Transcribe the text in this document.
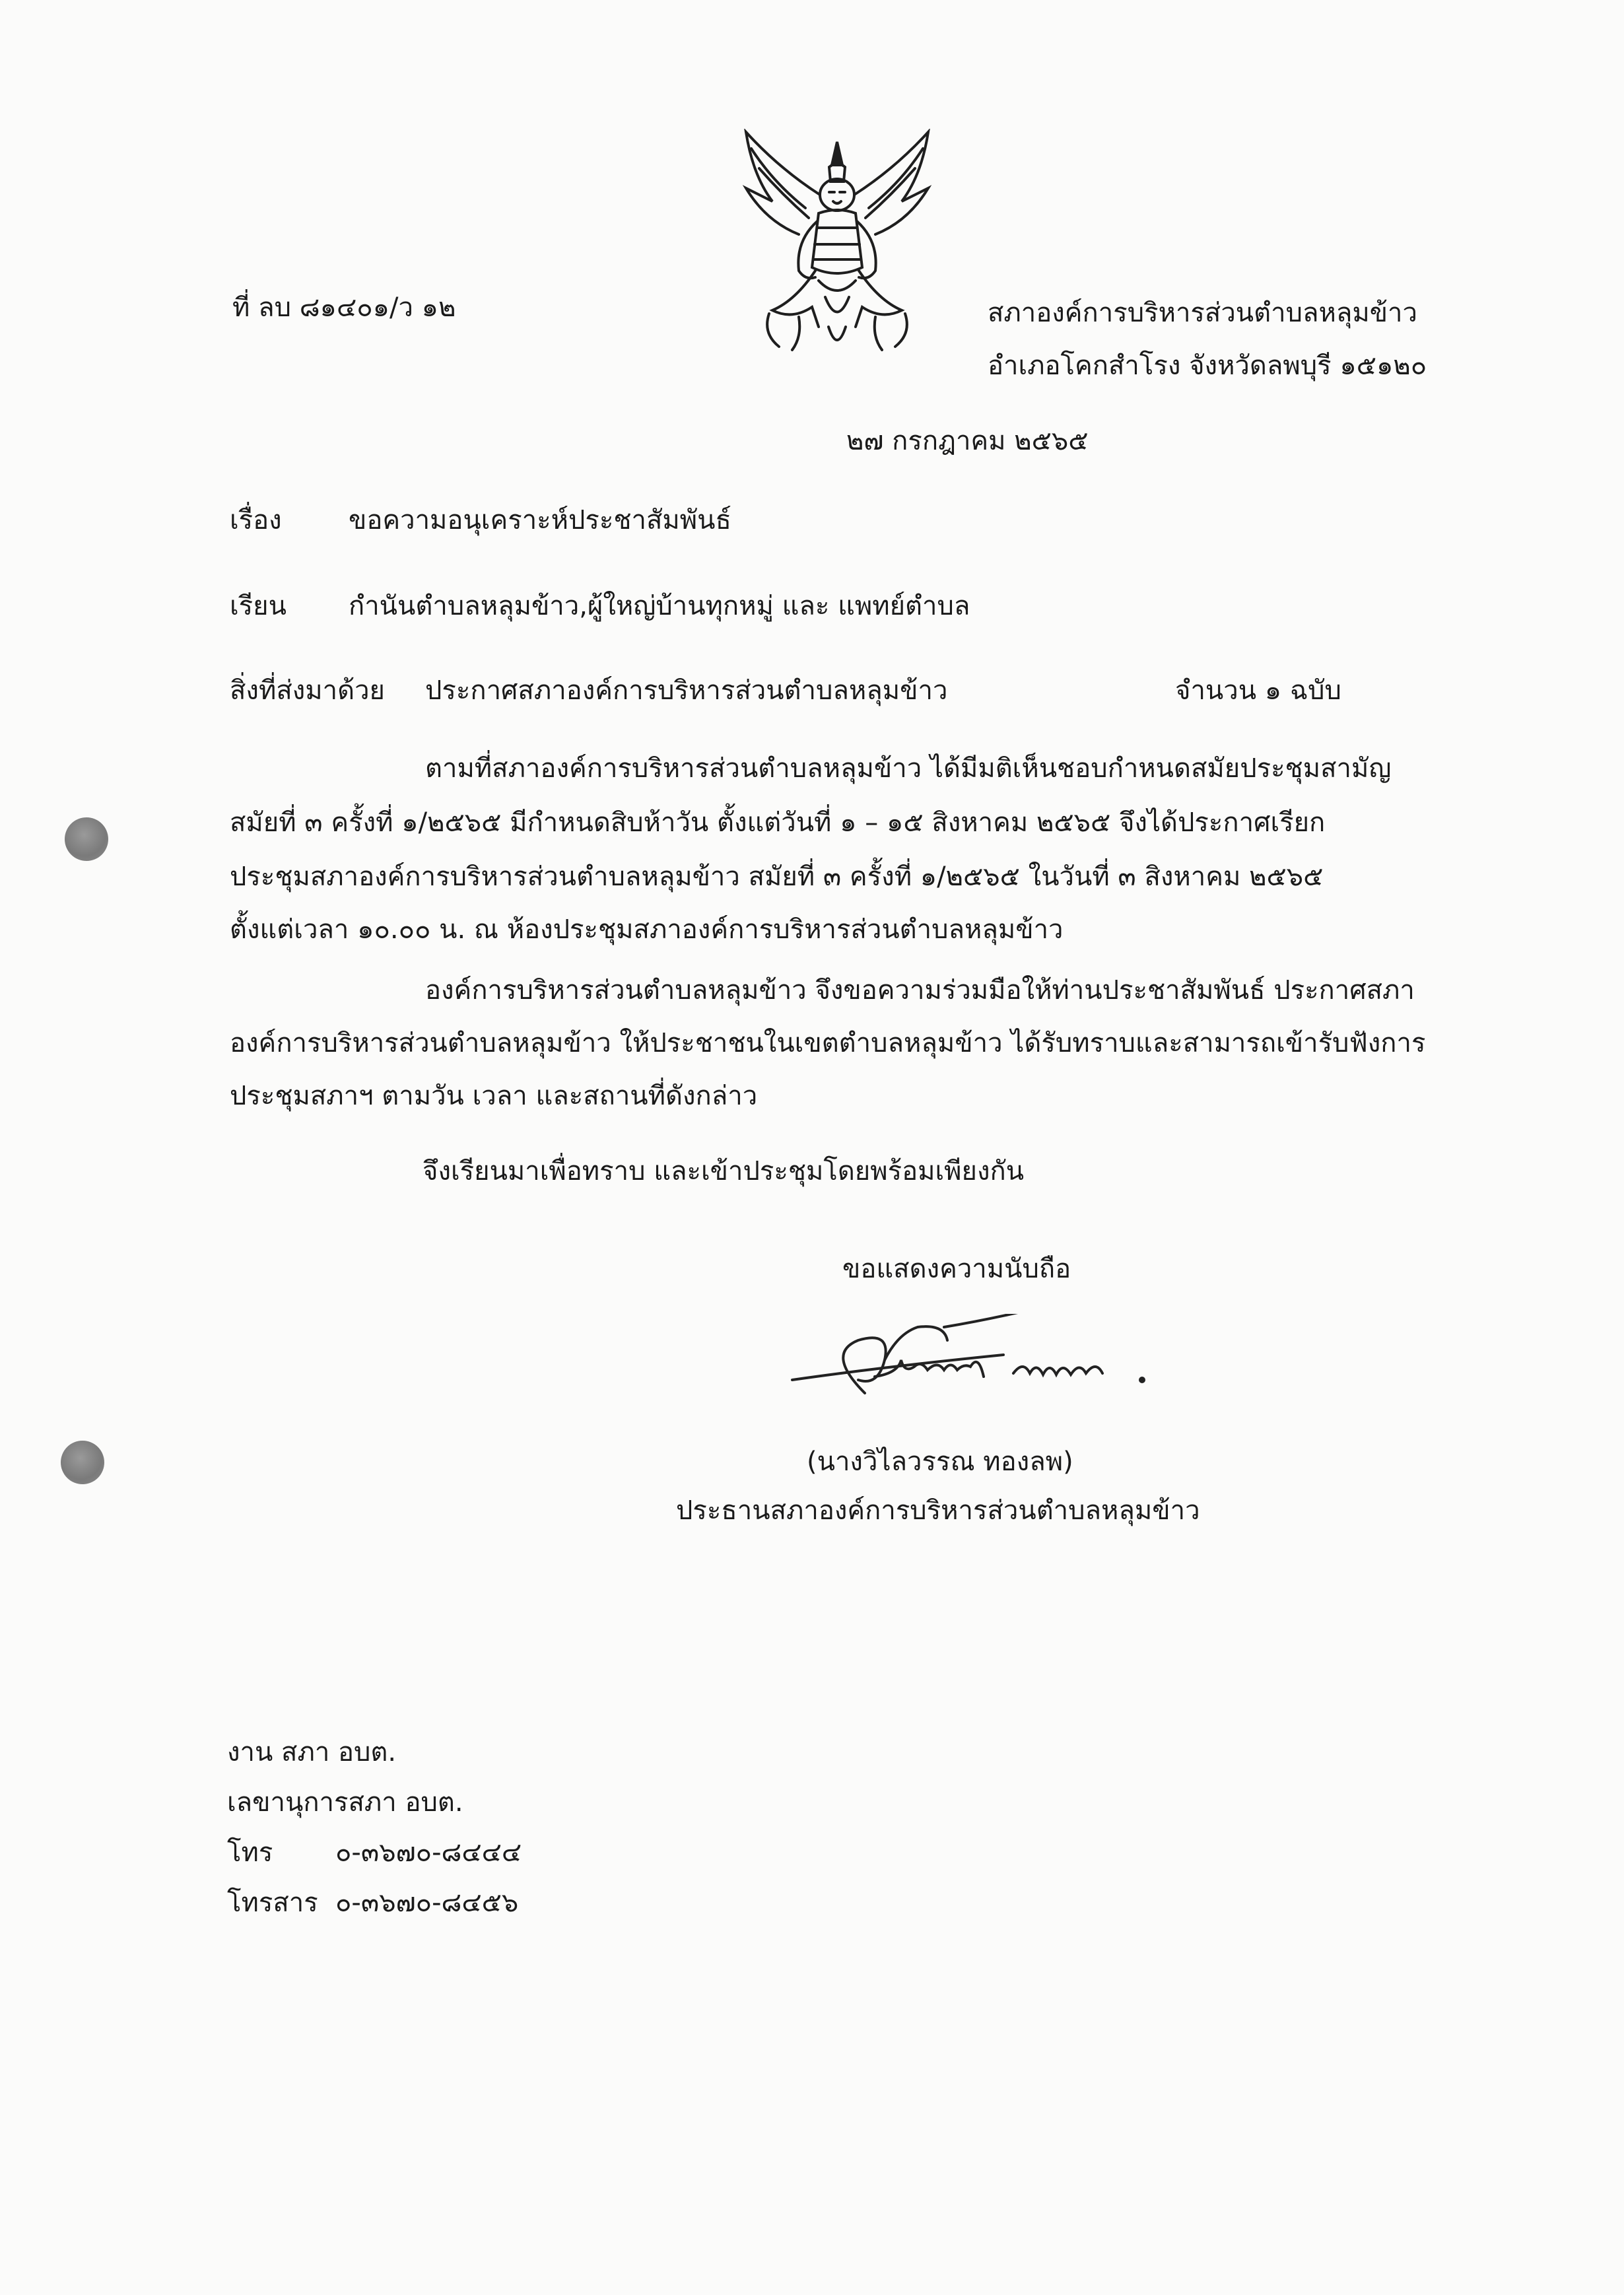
ที่ ลบ ๘๑๔๐๑/ว ๑๒	สภาองค์การบริหารส่วนตำบลหลุมข้าว
อำเภอโคกสำโรง จังหวัดลพบุรี ๑๕๑๒๐
๒๗ กรกฎาคม ๒๕๖๕
เรื่อง	ขอความอนุเคราะห์ประชาสัมพันธ์
เรียน กำนันตำบลหลุมข้าว,ผู้ใหญ่บ้านทุกหมู่ และ แพทย์ตำบล
สิ่งที่ส่งมาด้วย ประกาศสภาองค์การบริหารส่วนตำบลหลุมข้าว	จำนวน ๑ ฉบับ
ตามที่สภาองค์การบริหารส่วนตำบลหลุมข้าว ได้มีมติเห็นชอบกำหนดสมัยประชุมสามัญ
สมัยที่ ๓ ครั้งที่ ๑/๒๕๖๕ มีกำหนดสิบห้าวัน ตั้งแต่วันที่ ๑ – ๑๕ สิงหาคม ๒๕๖๕ จึงได้ประกาศเรียก
ประชุมสภาองค์การบริหารส่วนตำบลหลุมข้าว สมัยที่ ๓ ครั้งที่ ๑/๒๕๖๕ ในวันที่ ๓ สิงหาคม ๒๕๖๕
ตั้งแต่เวลา ๑๐.๐๐ น. ณ ห้องประชุมสภาองค์การบริหารส่วนตำบลหลุมข้าว
องค์การบริหารส่วนตำบลหลุมข้าว จึงขอความร่วมมือให้ท่านประชาสัมพันธ์ ประกาศสภา
องค์การบริหารส่วนตำบลหลุมข้าว ให้ประชาชนในเขตตำบลหลุมข้าว ได้รับทราบและสามารถเข้ารับฟังการ
ประชุมสภาฯ ตามวัน เวลา และสถานที่ดังกล่าว
จึงเรียนมาเพื่อทราบ และเข้าประชุมโดยพร้อมเพียงกัน
ขอแสดงความนับถือ
(นางวิไลวรรณ ทองลพ)
ประธานสภาองค์การบริหารส่วนตำบลหลุมข้าว
งาน สภา อบต.
เลขานุการสภา อบต.
โทร ๐-๓๖๗๐-๘๔๔๔
โทรสาร ๐-๓๖๗๐-๘๔๕๖
